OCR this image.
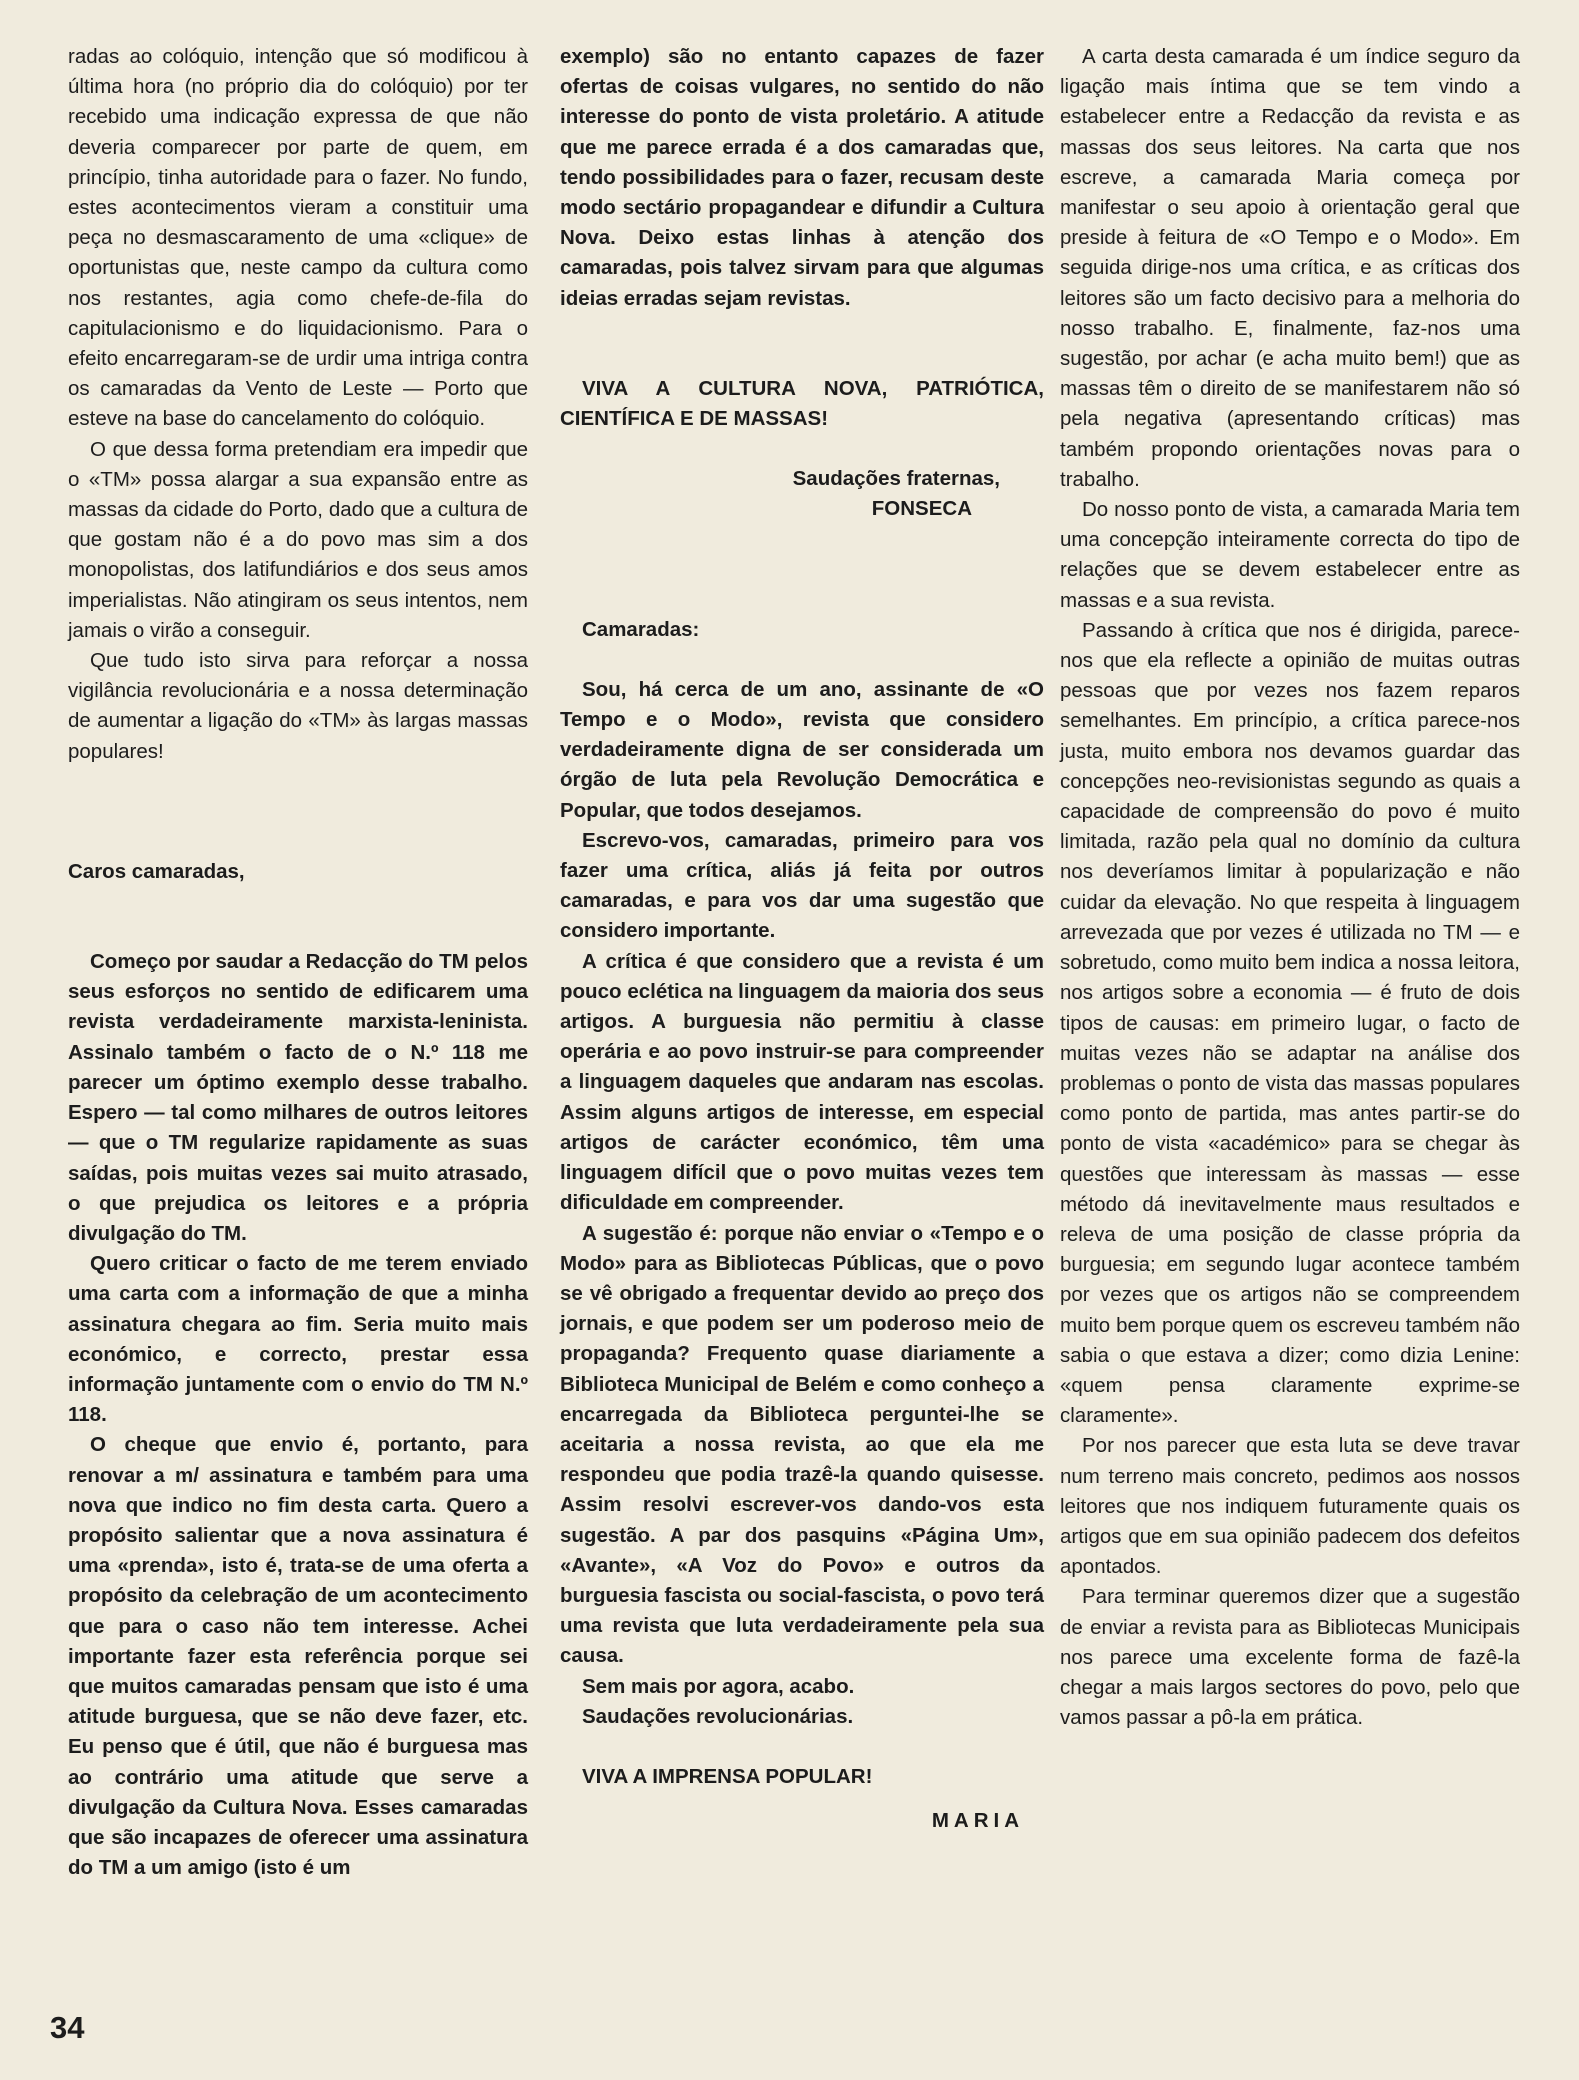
radas ao colóquio, intenção que só modificou à última hora (no próprio dia do colóquio) por ter recebido uma indicação expressa de que não deveria comparecer por parte de quem, em princípio, tinha autoridade para o fazer. No fundo, estes acontecimentos vieram a constituir uma peça no desmascaramento de uma «clique» de oportunistas que, neste campo da cultura como nos restantes, agia como chefe-de-fila do capitulacionismo e do liquidacionismo. Para o efeito encarregaram-se de urdir uma intriga contra os camaradas da Vento de Leste — Porto que esteve na base do cancelamento do colóquio.

O que dessa forma pretendiam era impedir que o «TM» possa alargar a sua expansão entre as massas da cidade do Porto, dado que a cultura de que gostam não é a do povo mas sim a dos monopolistas, dos latifundiários e dos seus amos imperialistas. Não atingiram os seus intentos, nem jamais o virão a conseguir.

Que tudo isto sirva para reforçar a nossa vigilância revolucionária e a nossa determinação de aumentar a ligação do «TM» às largas massas populares!

Caros camaradas,

Começo por saudar a Redacção do TM pelos seus esforços no sentido de edificarem uma revista verdadeiramente marxista-leninista. Assinalo também o facto de o N.º 118 me parecer um óptimo exemplo desse trabalho. Espero — tal como milhares de outros leitores — que o TM regularize rapidamente as suas saídas, pois muitas vezes sai muito atrasado, o que prejudica os leitores e a própria divulgação do TM.

Quero criticar o facto de me terem enviado uma carta com a informação de que a minha assinatura chegara ao fim. Seria muito mais económico, e correcto, prestar essa informação juntamente com o envio do TM N.º 118.

O cheque que envio é, portanto, para renovar a m/ assinatura e também para uma nova que indico no fim desta carta. Quero a propósito salientar que a nova assinatura é uma «prenda», isto é, trata-se de uma oferta a propósito da celebração de um acontecimento que para o caso não tem interesse. Achei importante fazer esta referência porque sei que muitos camaradas pensam que isto é uma atitude burguesa, que se não deve fazer, etc. Eu penso que é útil, que não é burguesa mas ao contrário uma atitude que serve a divulgação da Cultura Nova. Esses camaradas que são incapazes de oferecer uma assinatura do TM a um amigo (isto é um

exemplo) são no entanto capazes de fazer ofertas de coisas vulgares, no sentido do não interesse do ponto de vista proletário. A atitude que me parece errada é a dos camaradas que, tendo possibilidades para o fazer, recusam deste modo sectário propagandear e difundir a Cultura Nova. Deixo estas linhas à atenção dos camaradas, pois talvez sirvam para que algumas ideias erradas sejam revistas.

VIVA A CULTURA NOVA, PATRIÓTICA, CIENTÍFICA E DE MASSAS!

Saudações fraternas,

FONSECA

Camaradas:

Sou, há cerca de um ano, assinante de «O Tempo e o Modo», revista que considero verdadeiramente digna de ser considerada um órgão de luta pela Revolução Democrática e Popular, que todos desejamos.

Escrevo-vos, camaradas, primeiro para vos fazer uma crítica, aliás já feita por outros camaradas, e para vos dar uma sugestão que considero importante.

A crítica é que considero que a revista é um pouco eclética na linguagem da maioria dos seus artigos. A burguesia não permitiu à classe operária e ao povo instruir-se para compreender a linguagem daqueles que andaram nas escolas. Assim alguns artigos de interesse, em especial artigos de carácter económico, têm uma linguagem difícil que o povo muitas vezes tem dificuldade em compreender.

A sugestão é: porque não enviar o «Tempo e o Modo» para as Bibliotecas Públicas, que o povo se vê obrigado a frequentar devido ao preço dos jornais, e que podem ser um poderoso meio de propaganda? Frequento quase diariamente a Biblioteca Municipal de Belém e como conheço a encarregada da Biblioteca perguntei-lhe se aceitaria a nossa revista, ao que ela me respondeu que podia trazê-la quando quisesse. Assim resolvi escrever-vos dando-vos esta sugestão. A par dos pasquins «Página Um», «Avante», «A Voz do Povo» e outros da burguesia fascista ou social-fascista, o povo terá uma revista que luta verdadeiramente pela sua causa.

Sem mais por agora, acabo.

Saudações revolucionárias.

VIVA A IMPRENSA POPULAR!

MARIA

A carta desta camarada é um índice seguro da ligação mais íntima que se tem vindo a estabelecer entre a Redacção da revista e as massas dos seus leitores. Na carta que nos escreve, a camarada Maria começa por manifestar o seu apoio à orientação geral que preside à feitura de «O Tempo e o Modo». Em seguida dirige-nos uma crítica, e as críticas dos leitores são um facto decisivo para a melhoria do nosso trabalho. E, finalmente, faz-nos uma sugestão, por achar (e acha muito bem!) que as massas têm o direito de se manifestarem não só pela negativa (apresentando críticas) mas também propondo orientações novas para o trabalho.

Do nosso ponto de vista, a camarada Maria tem uma concepção inteiramente correcta do tipo de relações que se devem estabelecer entre as massas e a sua revista.

Passando à crítica que nos é dirigida, parece-nos que ela reflecte a opinião de muitas outras pessoas que por vezes nos fazem reparos semelhantes. Em princípio, a crítica parece-nos justa, muito embora nos devamos guardar das concepções neo-revisionistas segundo as quais a capacidade de compreensão do povo é muito limitada, razão pela qual no domínio da cultura nos deveríamos limitar à popularização e não cuidar da elevação. No que respeita à linguagem arrevezada que por vezes é utilizada no TM — e sobretudo, como muito bem indica a nossa leitora, nos artigos sobre a economia — é fruto de dois tipos de causas: em primeiro lugar, o facto de muitas vezes não se adaptar na análise dos problemas o ponto de vista das massas populares como ponto de partida, mas antes partir-se do ponto de vista «académico» para se chegar às questões que interessam às massas — esse método dá inevitavelmente maus resultados e releva de uma posição de classe própria da burguesia; em segundo lugar acontece também por vezes que os artigos não se compreendem muito bem porque quem os escreveu também não sabia o que estava a dizer; como dizia Lenine: «quem pensa claramente exprime-se claramente».

Por nos parecer que esta luta se deve travar num terreno mais concreto, pedimos aos nossos leitores que nos indiquem futuramente quais os artigos que em sua opinião padecem dos defeitos apontados.

Para terminar queremos dizer que a sugestão de enviar a revista para as Bibliotecas Municipais nos parece uma excelente forma de fazê-la chegar a mais largos sectores do povo, pelo que vamos passar a pô-la em prática.

34
